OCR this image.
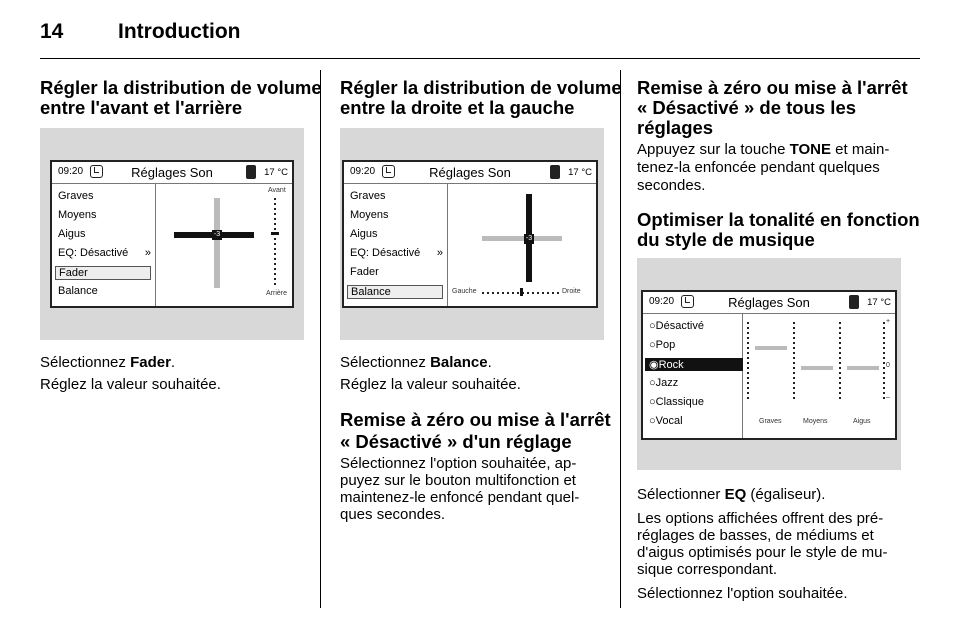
14	Introduction
Régler la distribution de volume
entre l'avant et l'arrière
09:20	Réglages Son	17 °C
Graves
Moyens
Aigus
EQ: Désactivé »
Fader
Balance
-3
Avant
Arrière
Sélectionnez Fader.
Réglez la valeur souhaitée.
Régler la distribution de volume
entre la droite et la gauche
09:20	Réglages Son	17 °C
Graves
Moyens
Aigus
EQ: Désactivé »
Fader
Balance
-3
Gauche	Droite
Sélectionnez Balance.
Réglez la valeur souhaitée.
Remise à zéro ou mise à l'arrêt
« Désactivé » d'un réglage
Sélectionnez l'option souhaitée, ap-
puyez sur le bouton multifonction et
maintenez-le enfoncé pendant quel-
ques secondes.
Remise à zéro ou mise à l'arrêt
« Désactivé » de tous les
réglages
Appuyez sur la touche TONE et main-
tenez-la enfoncée pendant quelques
secondes.
Optimiser la tonalité en fonction
du style de musique
09:20	Réglages Son	17 °C
○Désactivé
○Pop
◉Rock
○Jazz
○Classique
○Vocal
+
0
–
Graves	Moyens	Aigus
Sélectionner EQ (égaliseur).
Les options affichées offrent des pré-
réglages de basses, de médiums et
d'aigus optimisés pour le style de mu-
sique correspondant.
Sélectionnez l'option souhaitée.
